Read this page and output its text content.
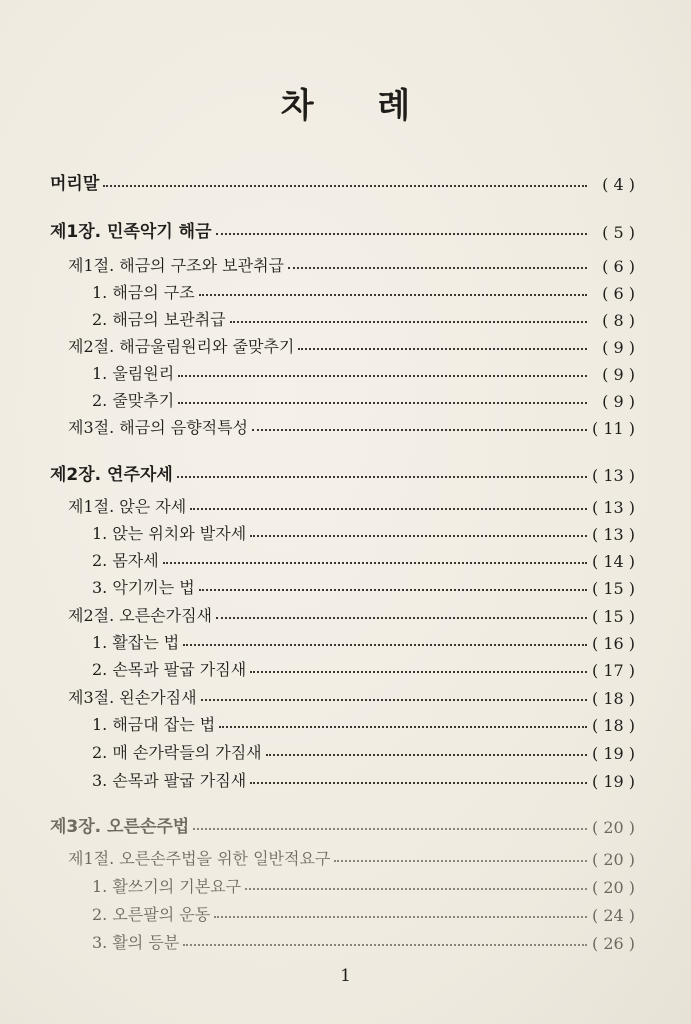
차 례
머리말	( 4 )
제1장. 민족악기 해금	( 5 )
제1절. 해금의 구조와 보관취급	( 6 )
1. 해금의 구조	( 6 )
2. 해금의 보관취급	( 8 )
제2절. 해금울림원리와 줄맞추기	( 9 )
1. 울림원리	( 9 )
2. 줄맞추기	( 9 )
제3절. 해금의 음향적특성	( 11 )
제2장. 연주자세	( 13 )
제1절. 앉은 자세	( 13 )
1. 앉는 위치와 발자세	( 13 )
2. 몸자세	( 14 )
3. 악기끼는 법	( 15 )
제2절. 오른손가짐새	( 15 )
1. 활잡는 법	( 16 )
2. 손목과 팔굽 가짐새	( 17 )
제3절. 왼손가짐새	( 18 )
1. 해금대 잡는 법	( 18 )
2. 매 손가락들의 가짐새	( 19 )
3. 손목과 팔굽 가짐새	( 19 )
제3장. 오른손주법	( 20 )
제1절. 오른손주법을 위한 일반적요구	( 20 )
1. 활쓰기의 기본요구	( 20 )
2. 오른팔의 운동	( 24 )
3. 활의 등분	( 26 )
1
